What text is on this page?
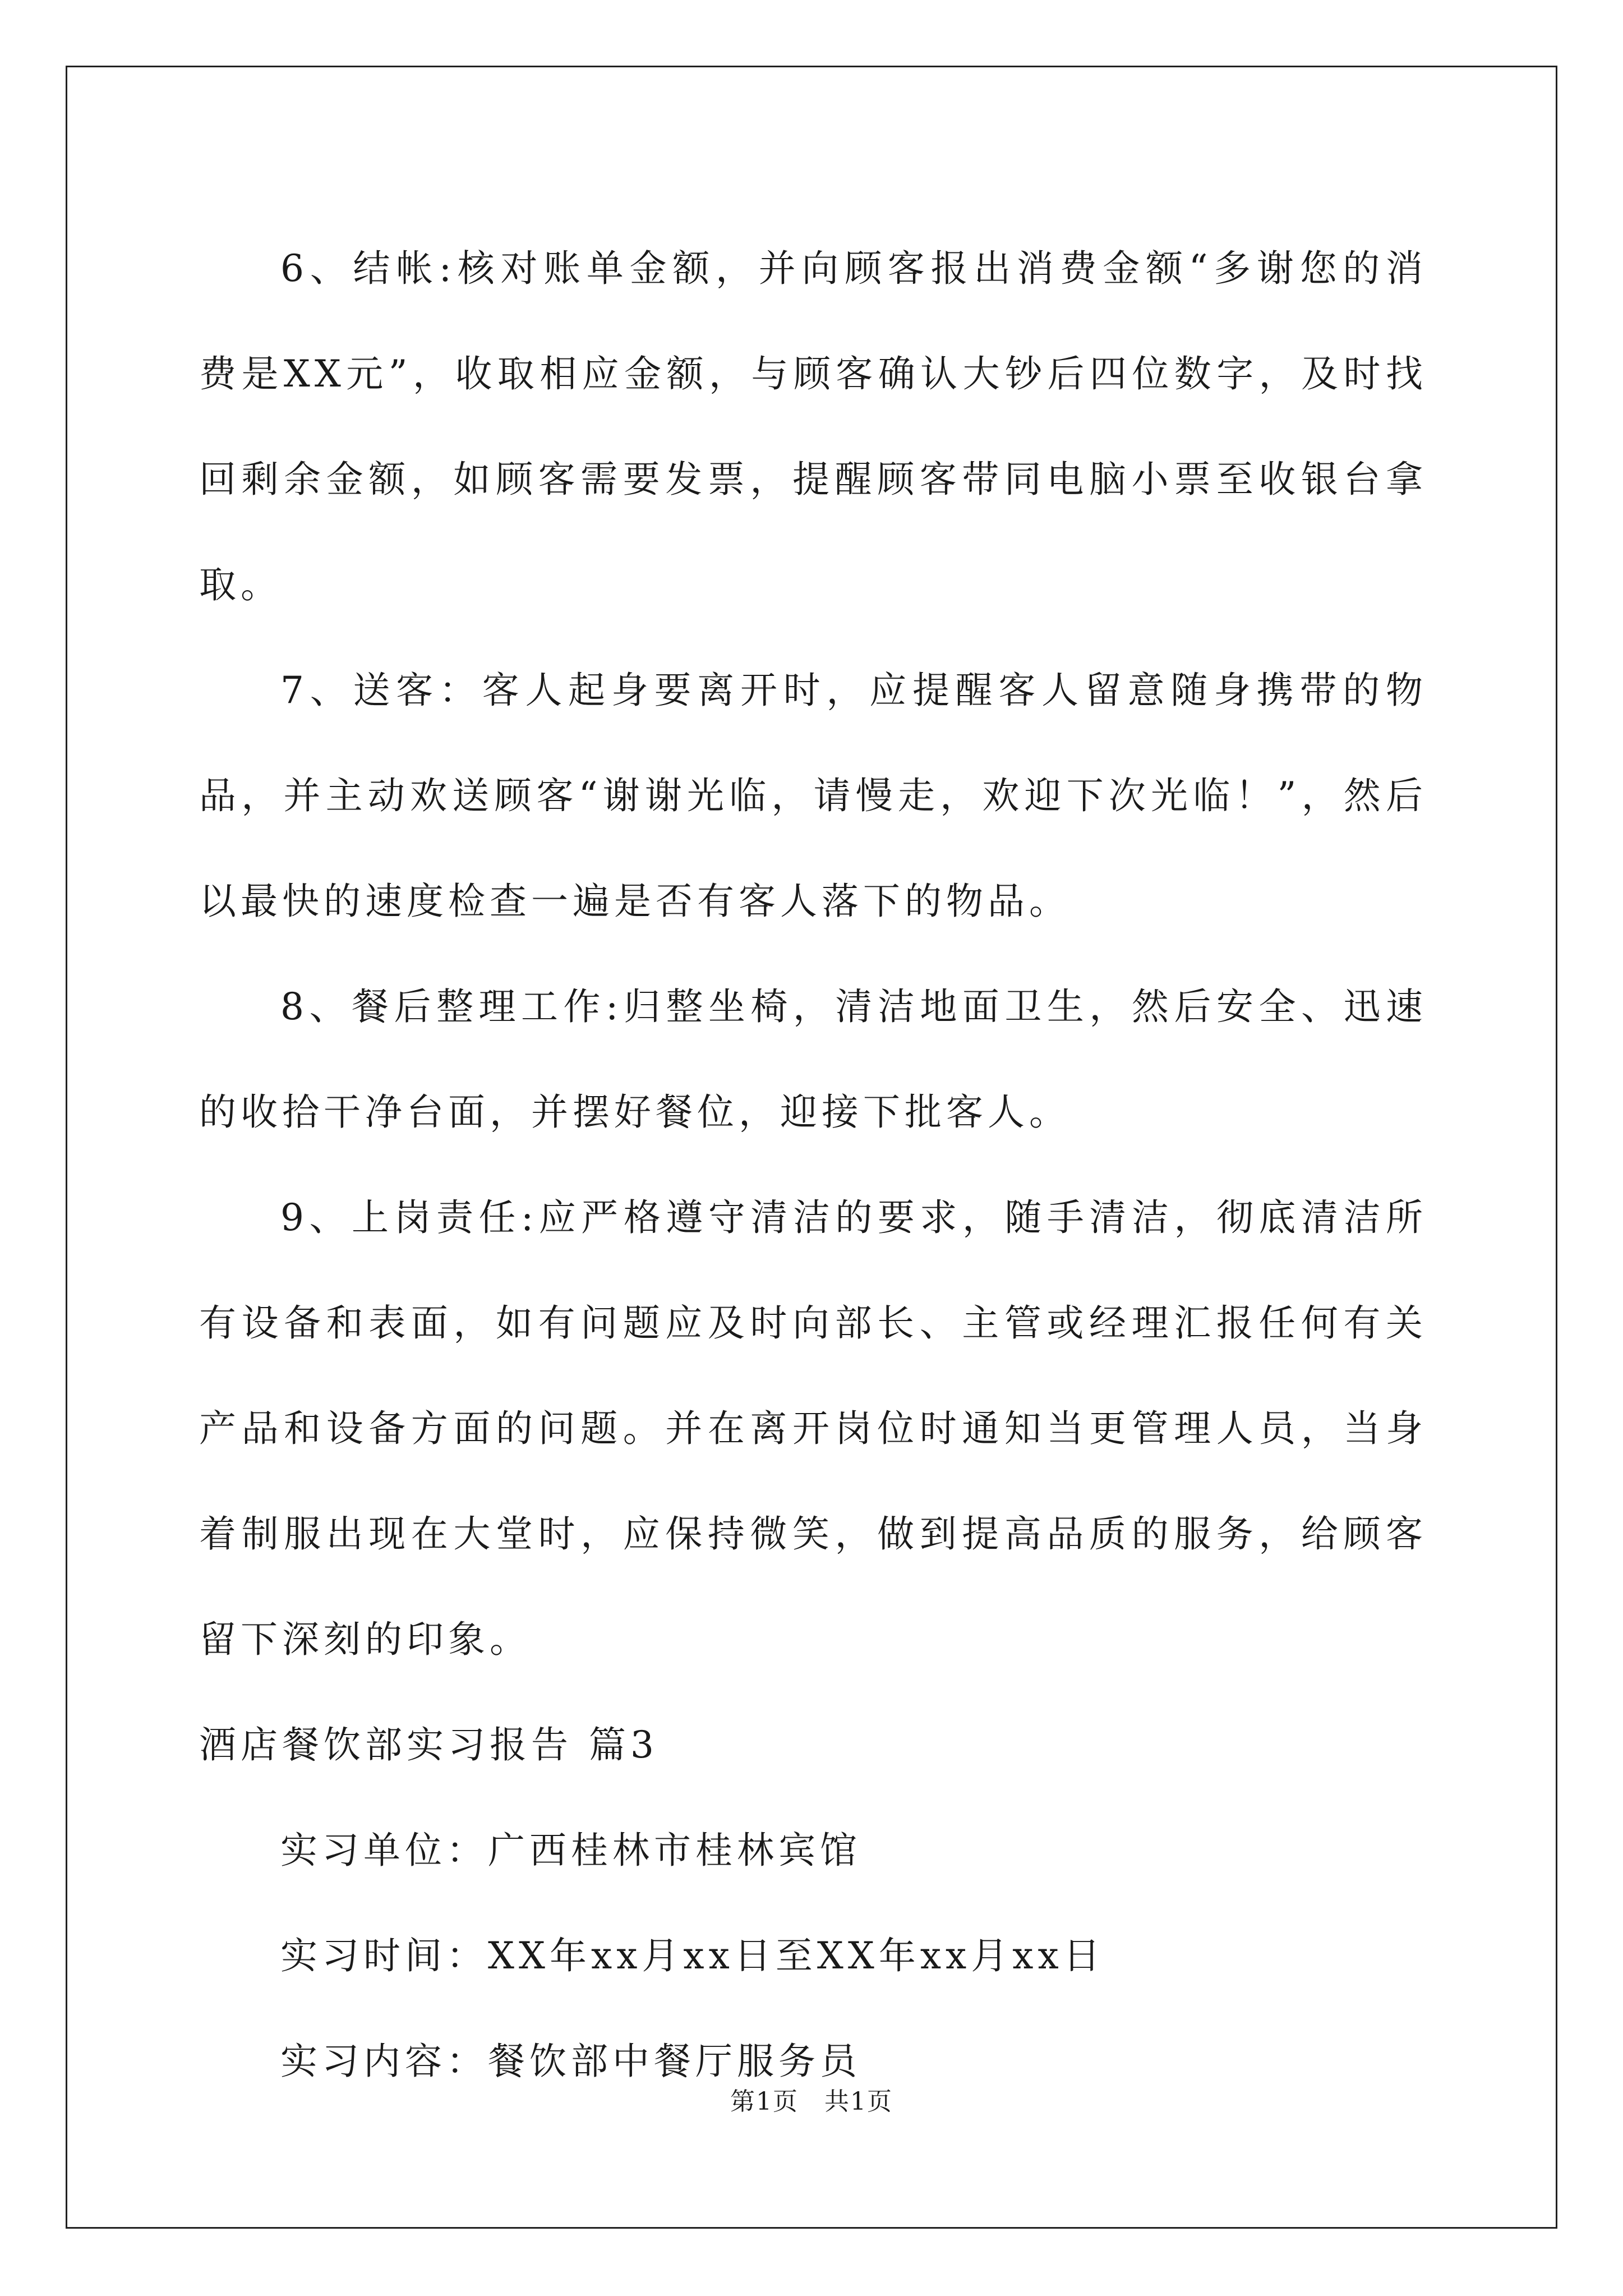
6、结帐:核对账单金额，并向顾客报出消费金额“多谢您的消费是XX元”，收取相应金额，与顾客确认大钞后四位数字，及时找回剩余金额，如顾客需要发票，提醒顾客带同电脑小票至收银台拿取。

7、送客：客人起身要离开时，应提醒客人留意随身携带的物品，并主动欢送顾客“谢谢光临，请慢走，欢迎下次光临！”，然后以最快的速度检查一遍是否有客人落下的物品。

8、餐后整理工作:归整坐椅，清洁地面卫生，然后安全、迅速的收拾干净台面，并摆好餐位，迎接下批客人。

9、上岗责任:应严格遵守清洁的要求，随手清洁，彻底清洁所有设备和表面，如有问题应及时向部长、主管或经理汇报任何有关产品和设备方面的问题。并在离开岗位时通知当更管理人员，当身着制服出现在大堂时，应保持微笑，做到提高品质的服务，给顾客留下深刻的印象。

酒店餐饮部实习报告 篇3

实习单位：广西桂林市桂林宾馆

实习时间：XX年xx月xx日至XX年xx月xx日

实习内容：餐饮部中餐厅服务员

第1页　共1页
